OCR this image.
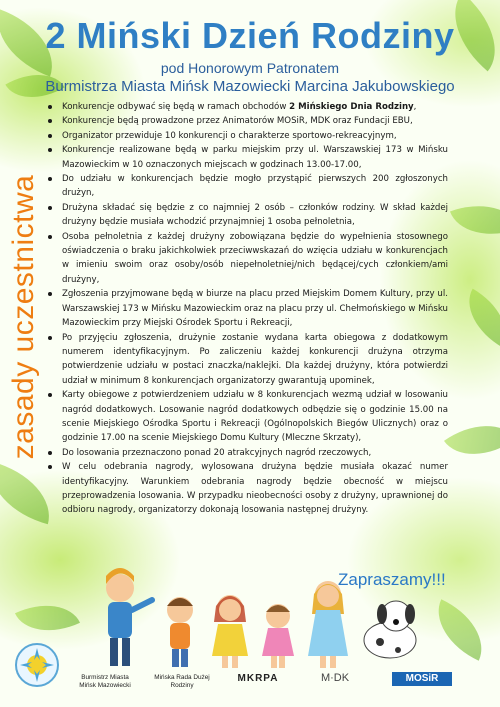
2 Miński Dzień Rodziny
pod Honorowym Patronatem
Burmistrza Miasta Mińsk Mazowiecki Marcina Jakubowskiego
zasady uczestnictwa
Konkurencje odbywać się będą w ramach obchodów 2 Mińskiego Dnia Rodziny,
Konkurencje będą prowadzone przez Animatorów MOSiR, MDK oraz Fundacji EBU,
Organizator przewiduje 10 konkurencji o charakterze sportowo-rekreacyjnym,
Konkurencje realizowane będą w parku miejskim przy ul. Warszawskiej 173 w Mińsku Mazowieckim w 10 oznaczonych miejscach w godzinach 13.00-17.00,
Do udziału w konkurencjach będzie mogło przystąpić pierwszych 200 zgłoszonych drużyn,
Drużyna składać się będzie z co najmniej 2 osób – członków rodziny. W skład każdej drużyny będzie musiała wchodzić przynajmniej 1 osoba pełnoletnia,
Osoba pełnoletnia z każdej drużyny zobowiązana będzie do wypełnienia stosownego oświadczenia o braku jakichkolwiek przeciwwskazań do wzięcia udziału w konkurencjach w imieniu swoim oraz osoby/osób niepełnoletniej/nich będącej/cych członkiem/ami drużyny,
Zgłoszenia przyjmowane będą w biurze na placu przed Miejskim Domem Kultury, przy ul. Warszawskiej 173 w Mińsku Mazowieckim oraz na placu przy ul. Chełmońskiego w Mińsku Mazowieckim przy Miejski Ośrodek Sportu i Rekreacji,
Po przyjęciu zgłoszenia, drużynie zostanie wydana karta obiegowa z dodatkowym numerem identyfikacyjnym. Po zaliczeniu każdej konkurencji drużyna otrzyma potwierdzenie udziału w postaci znaczka/naklejki. Dla każdej drużyny, która potwierdzi udział w minimum 8 konkurencjach organizatorzy gwarantują upominek,
Karty obiegowe z potwierdzeniem udziału w 8 konkurencjach wezmą udział w losowaniu nagród dodatkowych. Losowanie nagród dodatkowych odbędzie się o godzinie 15.00 na scenie Miejskiego Ośrodka Sportu i Rekreacji (Ogólnopolskich Biegów Ulicznych) oraz o godzinie 17.00 na scenie Miejskiego Domu Kultury (Mleczne Skrzaty),
Do losowania przeznaczono ponad 20 atrakcyjnych nagród rzeczowych,
W celu odebrania nagrody, wylosowana drużyna będzie musiała okazać numer identyfikacyjny. Warunkiem odebrania nagrody będzie obecność w miejscu przeprowadzenia losowania. W przypadku nieobecności osoby z drużyny, uprawnionej do odbioru nagrody, organizatorzy dokonają losowania następnej drużyny.
Zapraszamy!!!
Burmistrz Miasta Mińsk Mazowiecki
Mińska Rada Dużej Rodziny
MKRPA	M·DK	MOSiR
